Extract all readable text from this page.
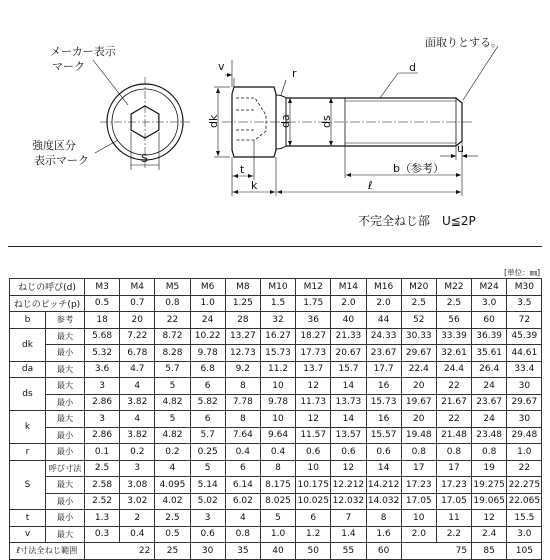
メーカー表示
マーク
強度区分
表示マーク	S
v
r
dk	da	ds
d
t
k
b（参考）
u
ℓ
面取りとする。
不完全ねじ部　U≦2P
[単位：㎜]
ねじの呼び(d)		M3	M4	M5	M6	M8	M10	M12	M14	M16	M20	M22	M24	M30
ねじのピッチ(p)		0.5	0.7	0.8	1.0	1.25	1.5	1.75	2.0	2.0	2.5	2.5	3.0	3.5
b	参考	18	20	22	24	28	32	36	40	44	52	56	60	72
dk	最大	5.68	7.22	8.72	10.22	13.27	16.27	18.27	21.33	24.33	30.33	33.39	36.39	45.39
	最小	5.32	6.78	8.28	9.78	12.73	15.73	17.73	20.67	23.67	29.67	32.61	35.61	44.61
da	最大	3.6	4.7	5.7	6.8	9.2	11.2	13.7	15.7	17.7	22.4	24.4	26.4	33.4
ds	最大	3	4	5	6	8	10	12	14	16	20	22	24	30
	最小	2.86	3.82	4.82	5.82	7.78	9.78	11.73	13.73	15.73	19.67	21.67	23.67	29.67
k	最大	3	4	5	6	8	10	12	14	16	20	22	24	30
	最小	2.86	3.82	4.82	5.7	7.64	9.64	11.57	13.57	15.57	19.48	21.48	23.48	29.48
r	最小	0.1	0.2	0.2	0.25	0.4	0.4	0.6	0.6	0.6	0.8	0.8	0.8	1.0
S	呼び寸法	2.5	3	4	5	6	8	10	12	14	17	17	19	22
	最大	2.58	3.08	4.095	5.14	6.14	8.175	10.175	12.212	14.212	17.23	17.23	19.275	22.275
	最小	2.52	3.02	4.02	5.02	6.02	8.025	10.025	12.032	14.032	17.05	17.05	19.065	22.065
t	最小	1.3	2	2.5	3	4	5	6	7	8	10	11	12	15.5
v	最大	0.3	0.4	0.5	0.6	0.8	1.0	1.2	1.4	1.6	2.0	2.2	2.4	3.0
ℓ寸法全ねじ範囲		22		25	30	35	40	50	55	60	75		85	105
